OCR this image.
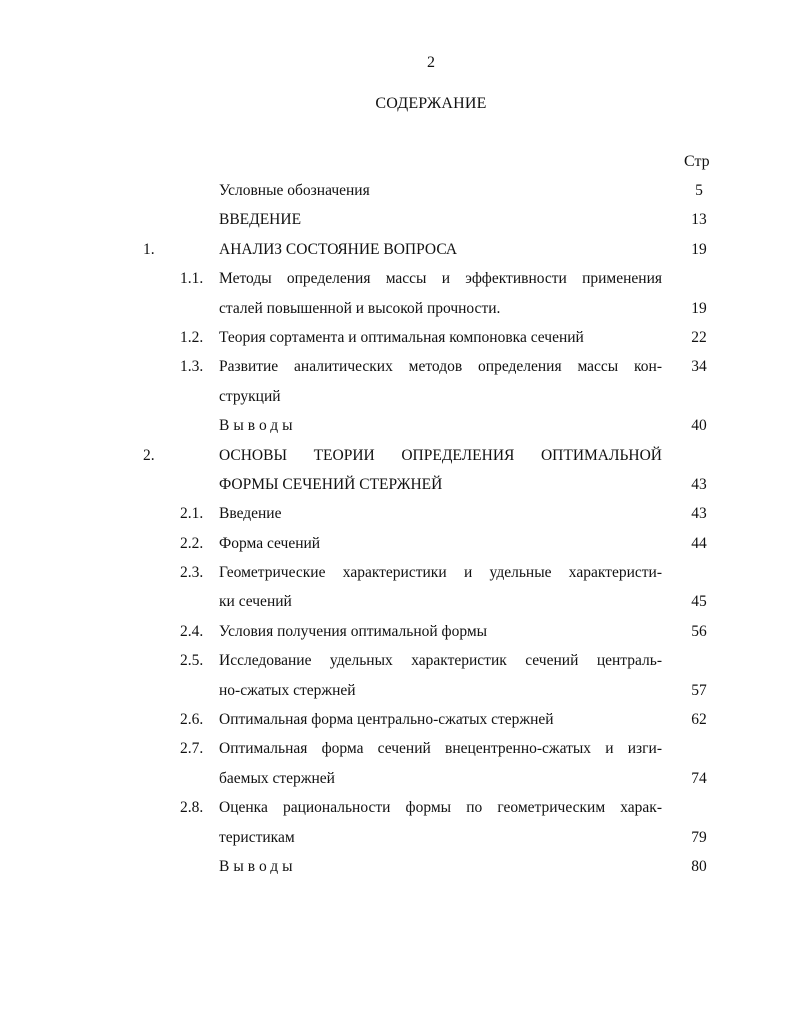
2
СОДЕРЖАНИЕ
Стр
Условные обозначения	5
ВВЕДЕНИЕ	13
1.	АНАЛИЗ СОСТОЯНИЕ ВОПРОСА	19
1.1. Методы определения массы и эффективности применения
сталей повышенной и высокой прочности.	19
1.2. Теория сортамента и оптимальная компоновка сечений	22
1.3. Развитие аналитических методов определения массы кон-	34
струкций
Выводы	40
2.	ОСНОВЫ ТЕОРИИ ОПРЕДЕЛЕНИЯ ОПТИМАЛЬНОЙ
ФОРМЫ СЕЧЕНИЙ СТЕРЖНЕЙ	43
2.1. Введение	43
2.2. Форма сечений	44
2.3. Геометрические характеристики и удельные характеристи-
ки сечений	45
2.4. Условия получения оптимальной формы	56
2.5. Исследование удельных характеристик сечений централь-
но-сжатых стержней	57
2.6. Оптимальная форма центрально-сжатых стержней	62
2.7. Оптимальная форма сечений внецентренно-сжатых и изги-
баемых стержней	74
2.8. Оценка рациональности формы по геометрическим харак-
теристикам	79
Выводы	80
